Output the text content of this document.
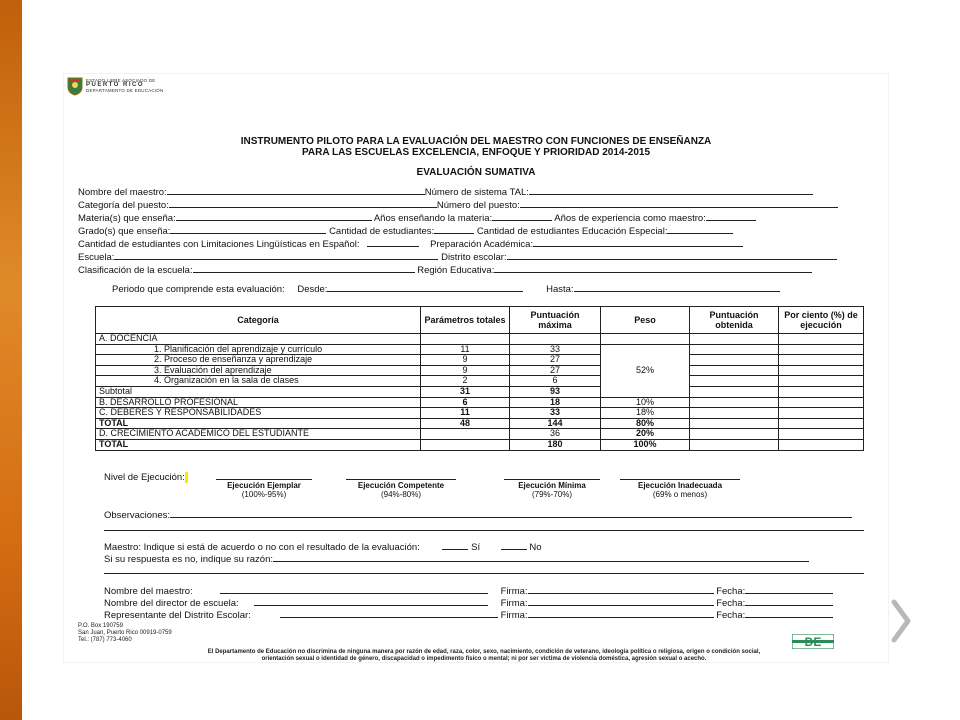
ESTADO LIBRE ASOCIADO DE
PUERTO RICO
DEPARTAMENTO DE EDUCACIÓN
INSTRUMENTO PILOTO PARA LA EVALUACIÓN DEL MAESTRO CON FUNCIONES DE ENSEÑANZA
PARA LAS ESCUELAS EXCELENCIA, ENFOQUE Y PRIORIDAD 2014-2015
EVALUACIÓN SUMATIVA
Nombre del maestro:	Número de sistema TAL:
Categoría del puesto:	Número del puesto:
Materia(s) que enseña:	Años enseñando la materia:	Años de experiencia como maestro:
Grado(s) que enseña:	Cantidad de estudiantes:	Cantidad de estudiantes Educación Especial:
Cantidad de estudiantes con Limitaciones Lingüísticas en Español:	Preparación Académica:
Escuela:	Distrito escolar:
Clasificación de la escuela:	Región Educativa:
Periodo que comprende esta evaluación: Desde:	Hasta:
Categoría	Parámetros totales	Puntuación máxima	Peso	Puntuación obtenida	Por ciento (%) de ejecución
A. DOCENCIA					
1. Planificación del aprendizaje y currículo	11	33	52%		
2. Proceso de enseñanza y aprendizaje	9	27			
3. Evaluación del aprendizaje	9	27			
4. Organización en la sala de clases	2	6			
Subtotal	31	93			
B. DESARROLLO PROFESIONAL	6	18	10%		
C. DEBERES Y RESPONSABILIDADES	11	33	18%		
TOTAL	48	144	80%		
D. CRECIMIENTO ACADÉMICO DEL ESTUDIANTE		36	20%		
TOTAL		180	100%		
Nivel de Ejecución:
Ejecución Ejemplar
(100%-95%)
Ejecución Competente
(94%-80%)
Ejecución Mínima
(79%-70%)
Ejecución Inadecuada
(69% o menos)
Observaciones:
Maestro: Indique si está de acuerdo o no con el resultado de la evaluación:	Sí	No
Si su respuesta es no, indique su razón:
Nombre del maestro:	Firma:	Fecha:
Nombre del director de escuela:	Firma:	Fecha:
Representante del Distrito Escolar:	Firma:	Fecha:
P.O. Box 190759
San Juan, Puerto Rico 00919-0759
Tel.: (787) 773-4060	DE
El Departamento de Educación no discrimina de ninguna manera por razón de edad, raza, color, sexo, nacimiento, condición de veterano, ideología política o religiosa, origen o condición social,
orientación sexual o identidad de género, discapacidad o impedimento físico o mental; ni por ser víctima de violencia doméstica, agresión sexual o acecho.
